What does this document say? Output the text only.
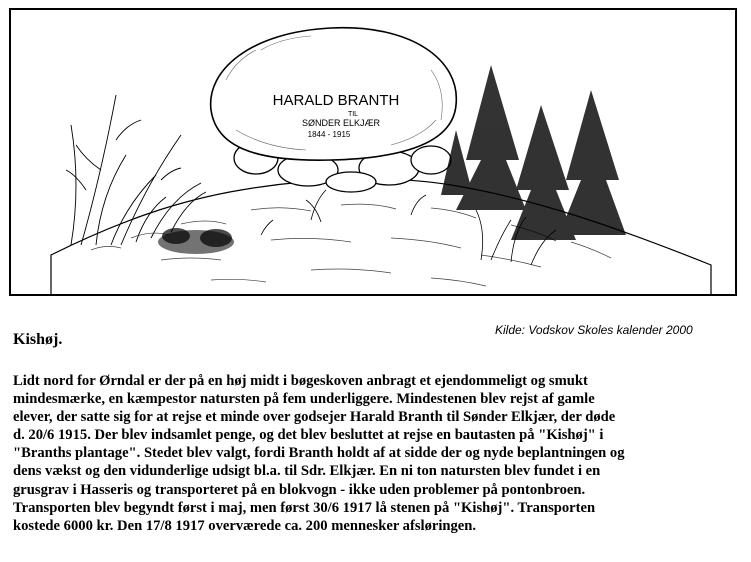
HARALD BRANTH
TIL
SØNDER ELKJÆR
1844 - 1915
Kishøj.
Kilde: Vodskov Skoles kalender 2000
Lidt nord for Ørndal er der på en høj midt i bøgeskoven anbragt et ejendommeligt og smukt
mindesmærke, en kæmpestor natursten på fem underliggere. Mindestenen blev rejst af gamle
elever, der satte sig for at rejse et minde over godsejer Harald Branth til Sønder Elkjær, der døde
d. 20/6 1915. Der blev indsamlet penge, og det blev besluttet at rejse en bautasten på "Kishøj" i
"Branths plantage". Stedet blev valgt, fordi Branth holdt af at sidde der og nyde beplantningen og
dens vækst og den vidunderlige udsigt bl.a. til Sdr. Elkjær. En ni ton natursten blev fundet i en
grusgrav i Hasseris og transporteret på en blokvogn - ikke uden problemer på pontonbroen.
Transporten blev begyndt først i maj, men først 30/6 1917 lå stenen på "Kishøj". Transporten
kostede 6000 kr. Den 17/8 1917 overværede ca. 200 mennesker afsløringen.
